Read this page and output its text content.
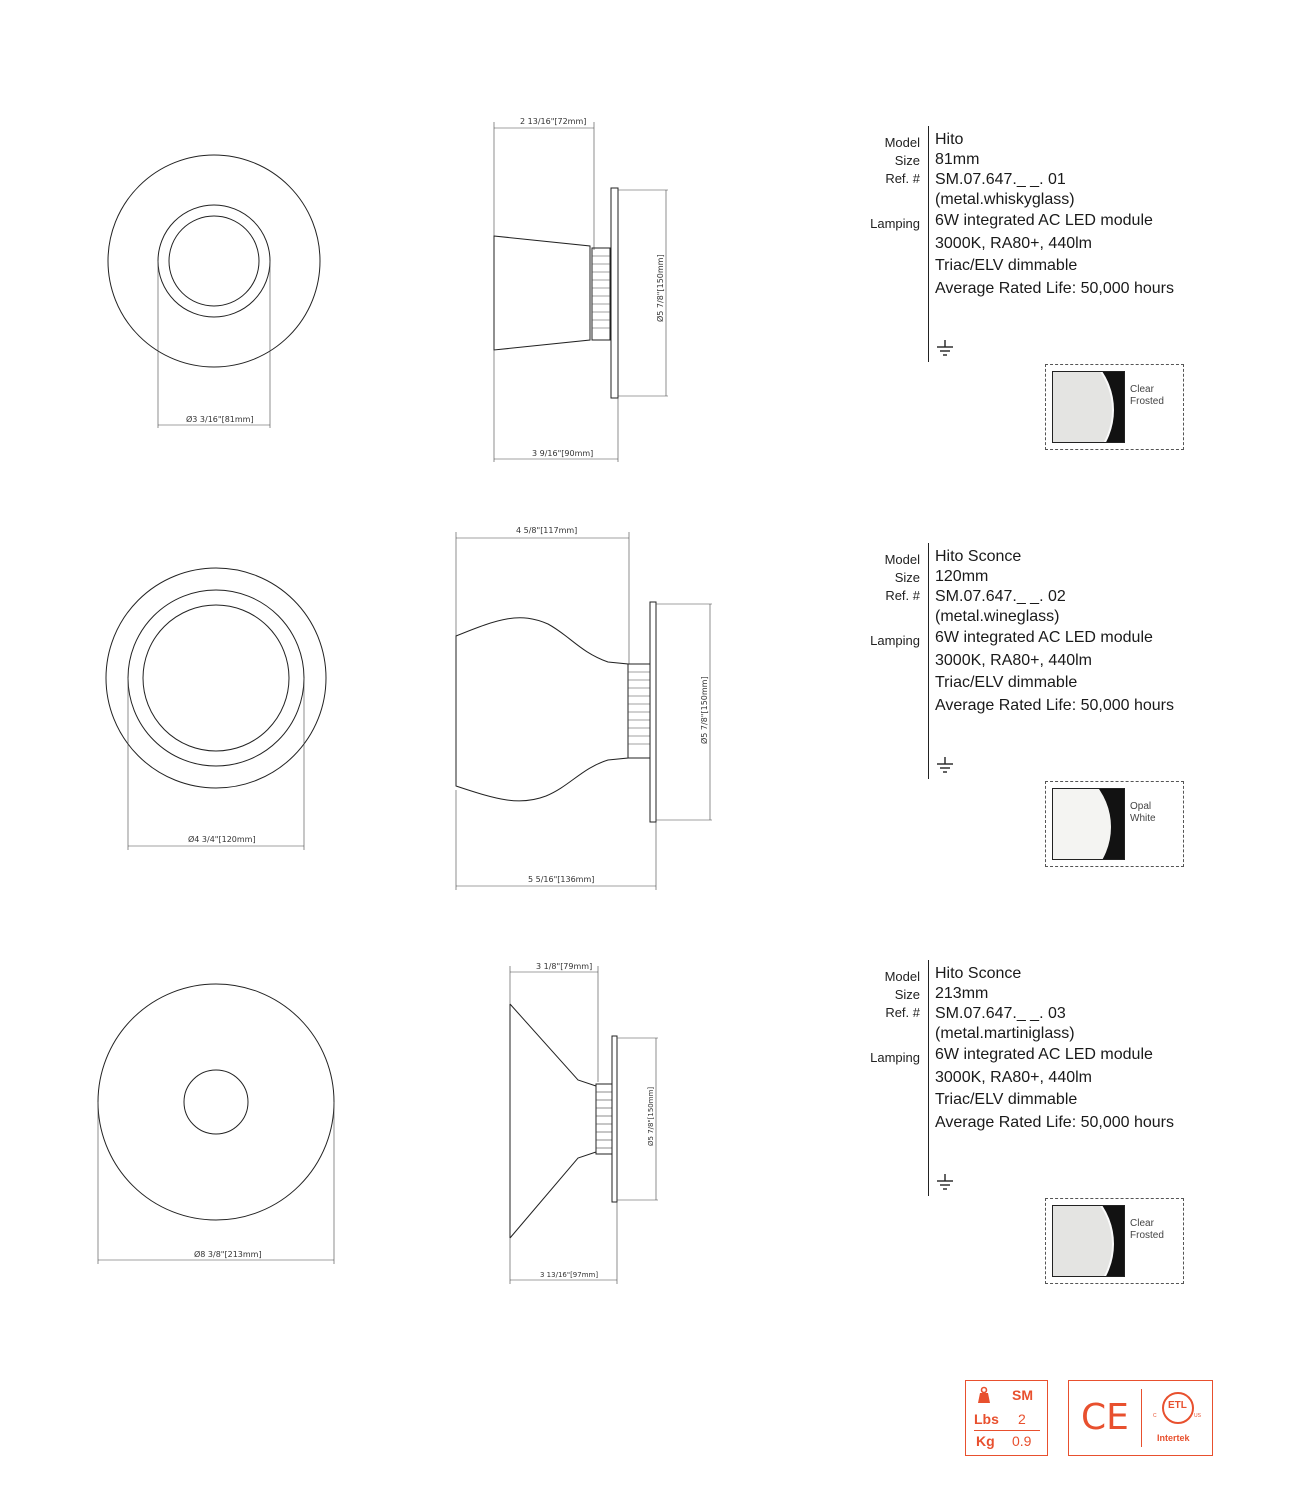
Ø3 3/16"[81mm]
2 13/16"[72mm]
Ø5 7/8"[150mm]
3 9/16"[90mm]
Model
Size
Ref. #
Lamping
Hito
81mm
SM.07.647._ _. 01
(metal.whiskyglass)
6W integrated AC LED module
3000K, RA80+, 440lm
Triac/ELV dimmable
Average Rated Life: 50,000 hours
Clear
Frosted
Ø4 3/4"[120mm]
4 5/8"[117mm]
Ø5 7/8"[150mm]
5 5/16"[136mm]
Model
Size
Ref. #
Lamping
Hito Sconce
120mm
SM.07.647._ _. 02
(metal.wineglass)
6W integrated AC LED module
3000K, RA80+, 440lm
Triac/ELV dimmable
Average Rated Life: 50,000 hours
Opal
White
Ø8 3/8"[213mm]
3 1/8"[79mm]
Ø5 7/8"[150mm]
3 13/16"[97mm]
Model
Size
Ref. #
Lamping
Hito Sconce
213mm
SM.07.647._ _. 03
(metal.martiniglass)
6W integrated AC LED module
3000K, RA80+, 440lm
Triac/ELV dimmable
Average Rated Life: 50,000 hours
Clear
Frosted
SM
Lbs 2
Kg 0.9
CE	ETL
C	US
Intertek
